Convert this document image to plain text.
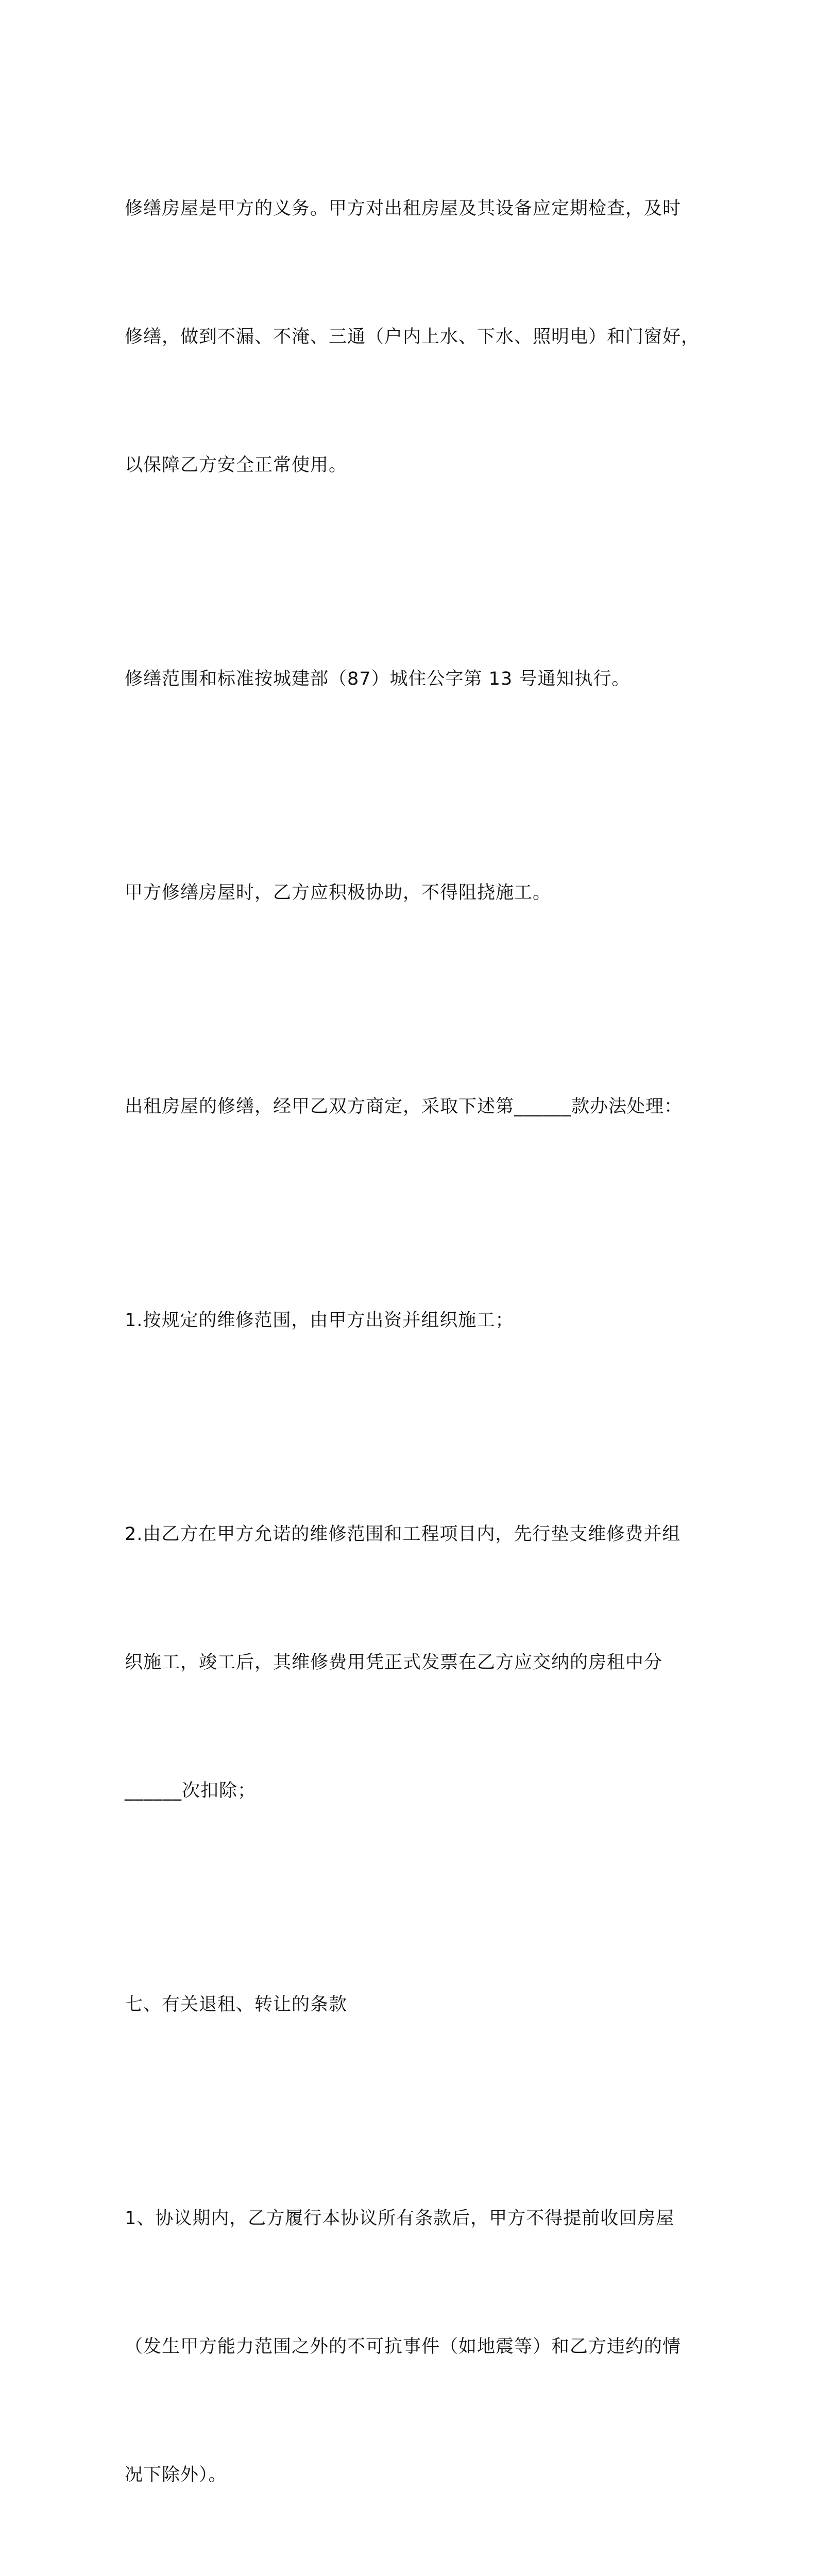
修缮房屋是甲方的义务。甲方对出租房屋及其设备应定期检查，及时

修缮，做到不漏、不淹、三通（户内上水、下水、照明电）和门窗好，

以保障乙方安全正常使用。

修缮范围和标准按城建部（87）城住公字第 13 号通知执行。

甲方修缮房屋时，乙方应积极协助，不得阻挠施工。

出租房屋的修缮，经甲乙双方商定，采取下述第______款办法处理：

1.按规定的维修范围，由甲方出资并组织施工；

2.由乙方在甲方允诺的维修范围和工程项目内，先行垫支维修费并组

织施工，竣工后，其维修费用凭正式发票在乙方应交纳的房租中分

______次扣除；

七、有关退租、转让的条款

1、协议期内，乙方履行本协议所有条款后，甲方不得提前收回房屋

（发生甲方能力范围之外的不可抗事件（如地震等）和乙方违约的情

况下除外）。
